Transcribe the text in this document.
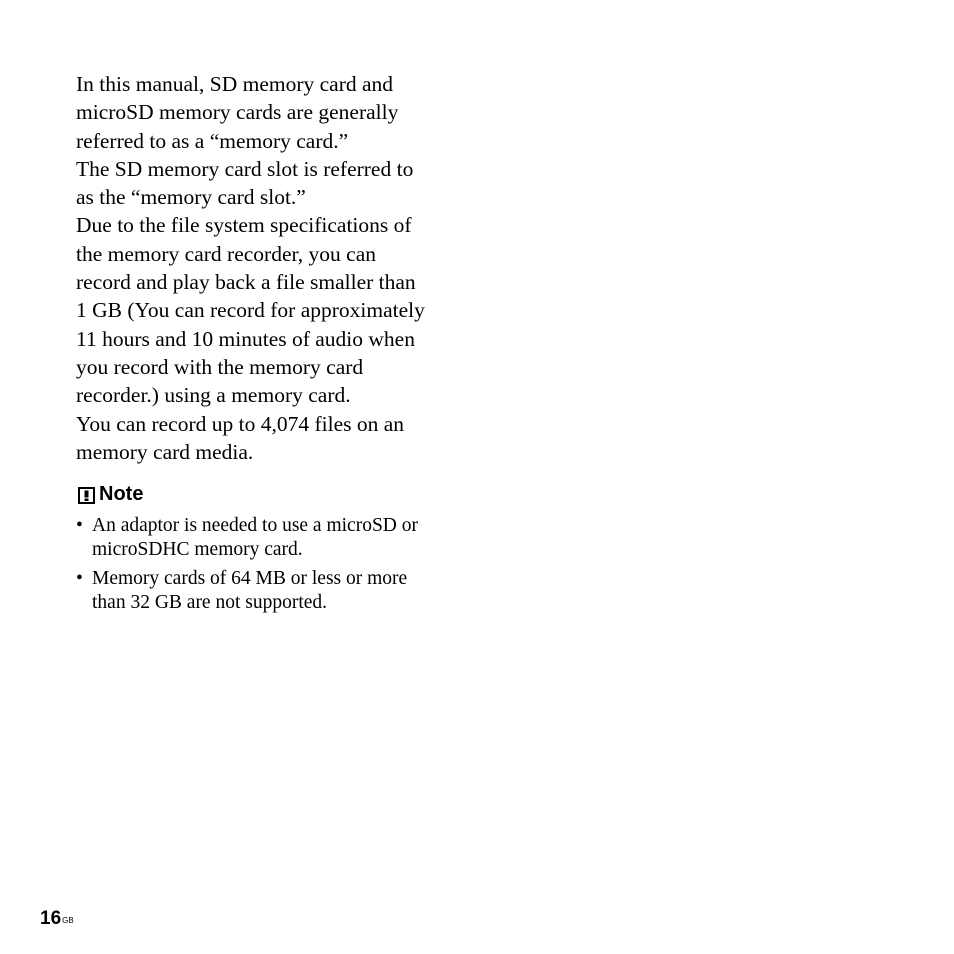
In this manual, SD memory card and
microSD memory cards are generally
referred to as a “memory card.”
The SD memory card slot is referred to
as the “memory card slot.”
Due to the file system specifications of
the memory card recorder, you can
record and play back a file smaller than
1 GB (You can record for approximately
11 hours and 10 minutes of audio when
you record with the memory card
recorder.) using a memory card.
You can record up to 4,074 files on an
memory card media.
Note
• An adaptor is needed to use a microSD or
microSDHC memory card.
• Memory cards of 64 MB or less or more
than 32 GB are not supported.
$16^{GB}$
